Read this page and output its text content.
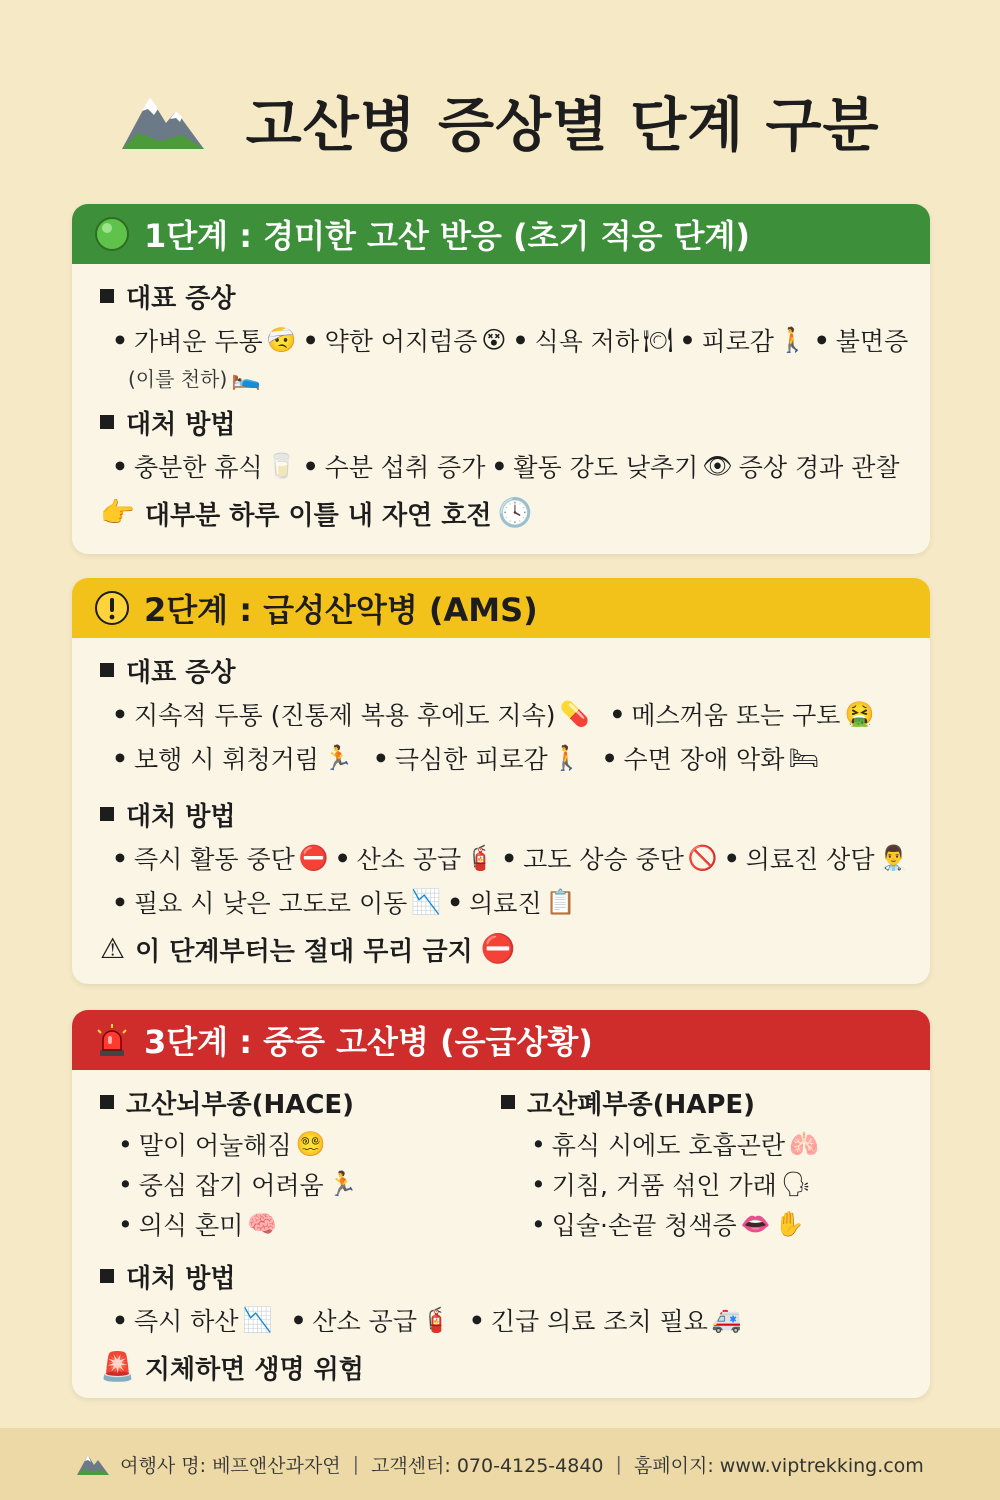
고산병 증상별 단계 구분
1단계 : 경미한 고산 반응 (초기 적응 단계)
대표 증상
• 가벼운 두통 🤕 • 약한 어지럼증 😵 • 식욕 저하 🍽 • 피로감 🚶 • 불면증
(이를 천하) 🛌
대처 방법
• 충분한 휴식 🥛 • 수분 섭취 증가 • 활동 강도 낮추기 👁 증상 경과 관찰
👉 대부분 하루 이틀 내 자연 호전 🕓
2단계 : 급성산악병 (AMS)
대표 증상
• 지속적 두통 (진통제 복용 후에도 지속) 💊 • 메스꺼움 또는 구토 🤮
• 보행 시 휘청거림 🏃 • 극심한 피로감 🚶 • 수면 장애 악화 🛏
대처 방법
• 즉시 활동 중단 ⛔ • 산소 공급 🧯 • 고도 상승 중단 🚫 • 의료진 상담 👨‍⚕️
• 필요 시 낮은 고도로 이동 📉 • 의료진 📋
⚠ 이 단계부터는 절대 무리 금지 ⛔
3단계 : 중증 고산병 (응급상황)
고산뇌부종(HACE)
• 말이 어눌해짐 😵‍💫
• 중심 잡기 어려움 🏃
• 의식 혼미 🧠
고산폐부종(HAPE)
• 휴식 시에도 호흡곤란 🫁
• 기침, 거품 섞인 가래 🗣
• 입술·손끝 청색증 👄 ✋
대처 방법
• 즉시 하산 📉 • 산소 공급 🧯 • 긴급 의료 조치 필요 🚑
🚨 지체하면 생명 위험
여행사 명: 베프앤산과자연 | 고객센터: 070-4125-4840 | 홈페이지: www.viptrekking.com
